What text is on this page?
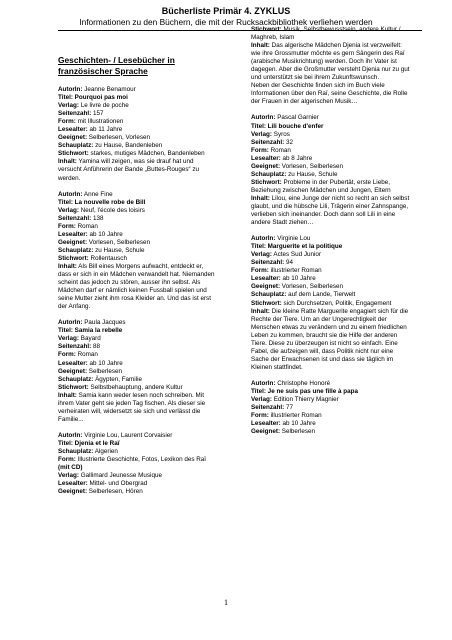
Bücherliste Primär 4. ZYKLUS
Informationen zu den Büchern, die mit der Rucksackbibliothek verliehen werden
Geschichten- / Lesebücher in französischer Sprache

AutorIn: Jeanne Benamour

Titel: Pourquoi pas moi

Verlag: Le livre de poche

Seitenzahl: 157

Form: mit Illustrationen

Lesealter: ab 11 Jahre

Geeignet: Selberlesen, Vorlesen

Schauplatz: zu Hause, Bandenleben

Stichwort: starkes, mutiges Mädchen, Bandenleben

Inhalt: Yamina will zeigen, was sie drauf hat und versucht Anführerin der Bande „Buttes-Rouges“ zu werden.

AutorIn: Anne Fine

Titel: La nouvelle robe de Bill

Verlag: Neuf, l'école des loisirs

Seitenzahl: 138

Form: Roman

Lesealter: ab 10 Jahre

Geeignet: Vorlesen, Selberlesen

Schauplatz: zu Hause, Schule

Stichwort: Rollentausch

Inhalt: Als Bill eines Morgens aufwacht, entdeckt er, dass er sich in ein Mädchen verwandelt hat. Niemanden scheint das jedoch zu stören, ausser ihn selbst. Als Mädchen darf er nämlich keinen Fussball spielen und seine Mutter zieht ihm rosa Kleider an. Und das ist erst der Anfang.

AutorIn: Paula Jacques

Titel: Samia la rebelle

Verlag: Bayard

Seitenzahl: 88

Form: Roman

Lesealter: ab 10 Jahre

Geeignet: Selberlesen

Schauplatz: Ägypten, Familie

Stichwort: Selbstbehauptung, andere Kultur

Inhalt: Samia kann weder lesen noch schreiben. Mit ihrem Vater geht sie jeden Tag fischen. Als dieser sie verheiraten will, widersetzt sie sich und verlässt die Familie...

AutorIn: Virginie Lou, Laurent Corvaisier

Titel: Djenia et le Raï

Schauplatz: Algerien

Form: Illustrierte Geschichte, Fotos, Lexikon des Raï (mit CD)

Verlag: Gallimard Jeunesse Musique

Lesealter: Mittel- und Obergrad

Geeignet: Selberlesen, Hören

Stichwort: Musik, Selbstbewusstsein, andere Kultur / Maghreb, Islam

Inhalt: Das algerische Mädchen Djenia ist verzweifelt: wie ihre Grossmutter möchte es gern Sängerin des Raï (arabische Musikrichtung) werden. Doch ihr Vater ist dagegen. Aber die Großmutter versteht Djenia nur zu gut und unterstützt sie bei ihrem Zukunftswunsch.

Neben der Geschichte finden sich im Buch viele Informationen über den Raï, seine Geschichte, die Rolle der Frauen in der algerischen Musik…

AutorIn: Pascal Garnier

Titel: Lili bouche d'enfer

Verlag: Syros

Seitenzahl: 32

Form: Roman

Lesealter: ab 8 Jahre

Geeignet: Vorlesen, Selberlesen

Schauplatz: zu Hause, Schule

Stichwort: Probleme in der Pubertät, erste Liebe, Beziehung zwischen Mädchen und Jungen, Eltern

Inhalt: Lilou, eine Junge der nicht so recht an sich selbst glaubt, und die hübsche Lili, Trägerin einer Zahnspange, verlieben sich ineinander. Doch dann soll Lili in eine andere Stadt ziehen…

AutorIn: Virginie Lou

Titel: Marguerite et la politique

Verlag: Actes Sud Junior

Seitenzahl: 94

Form: illustrierter Roman

Lesealter: ab 10 Jahre

Geeignet: Vorlesen, Selberlesen

Schauplatz: auf dem Lande, Tierwelt

Stichwort: sich Durchsetzen, Politik, Engagement

Inhalt: Die kleine Ratte Marguerite engagiert sich für die Rechte der Tiere. Um an der Ungerechtigkeit der Menschen etwas zu verändern und zu einem friedlichen Leben zu kommen, braucht sie die Hilfe der anderen Tiere. Diese zu überzeugen ist nicht so einfach. Eine Fabel, die aufzeigen will, dass Politik nicht nur eine Sache der Erwachsenen ist und dass sie täglich im Kleinen stattfindet.

AutorIn: Christophe Honoré

Titel: Je ne suis pas une fille à papa

Verlag: Edition Thierry Magnier

Seitenzahl: 77

Form: illustrierter Roman

Lesealter: ab 10 Jahre

Geeignet: Selberlesen

1
